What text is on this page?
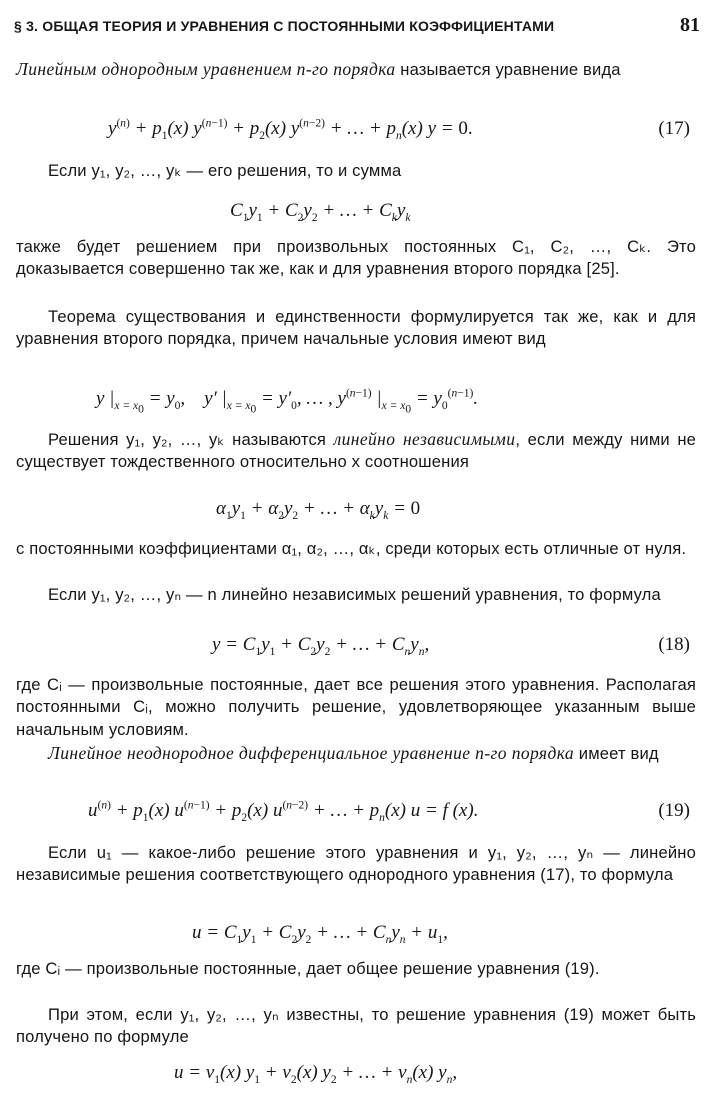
§ 3. ОБЩАЯ ТЕОРИЯ И УРАВНЕНИЯ С ПОСТОЯННЫМИ КОЭФФИЦИЕНТАМИ	81

Линейным однородным уравнением n-го порядка называется уравнение вида

$y^{(n)} + p_1(x) y^{(n-1)} + p_2(x) y^{(n-2)}$ + … + $p_n(x) y = 0$.	(17)

Если y₁, y₂, …, yₖ — его решения, то и сумма

$C_1y_1 + C_2y_2$ + … + $C_ky_k$

также будет решением при произвольных постоянных C₁, C₂, …, Cₖ. Это доказывается совершенно так же, как и для уравнения второго порядка [25].

Теорема существования и единственности формулируется так же, как и для уравнения второго порядка, причем начальные условия имеют вид

y $|_{x = x_0} = y_0$,    y′ $|_{x = x_0} = y'_0$, … , $y^{(n-1)}$ $|_{x = x_0} = y_0^{(n-1)}$.

Решения y₁, y₂, …, yₖ называются линейно независимыми, если между ними не существует тождественного относительно x соотношения

$\alpha_1y_1 + \alpha_2y_2$ + … + $\alpha_ky_k = 0$

с постоянными коэффициентами α₁, α₂, …, αₖ, среди которых есть отличные от нуля.

Если y₁, y₂, …, yₙ — n линейно независимых решений уравнения, то формула

$y = C_1y_1 + C_2y_2$ + … + $C_ny_n$,	(18)

где Cᵢ — произвольные постоянные, дает все решения этого уравнения. Располагая постоянными Cᵢ, можно получить решение, удовлетворяющее указанным выше начальным условиям.

Линейное неоднородное дифференциальное уравнение n-го порядка имеет вид

$u^{(n)} + p_1(x) u^{(n-1)} + p_2(x) u^{(n-2)}$ + … + $p_n(x) u = f$ (x).	(19)

Если u₁ — какое-либо решение этого уравнения и y₁, y₂, …, yₙ — линейно независимые решения соответствующего однородного уравнения (17), то формула

$u = C_1y_1 + C_2y_2$ + … + $C_ny_n + u_1$,

где Cᵢ — произвольные постоянные, дает общее решение уравнения (19).

При этом, если y₁, y₂, …, yₙ известны, то решение уравнения (19) может быть получено по формуле

$u = v_1(x) y_1 + v_2(x) y_2$ + … + $v_n(x)$ $y_n$,
